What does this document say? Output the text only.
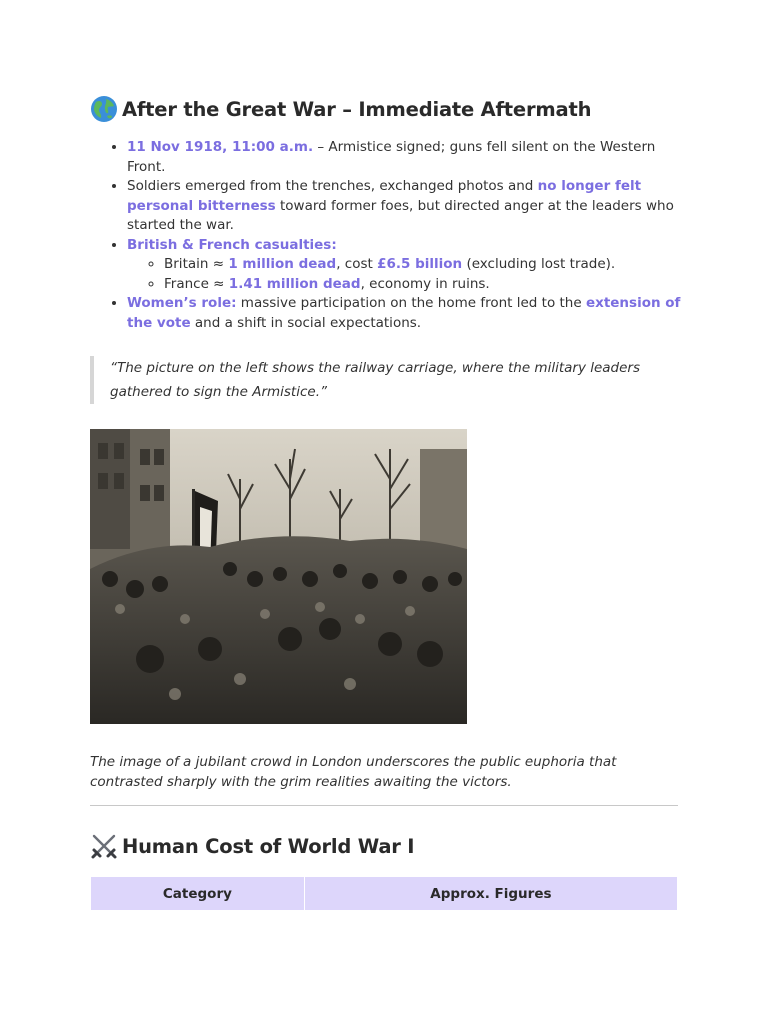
After the Great War – Immediate Aftermath
• 11 Nov 1918, 11:00 a.m. – Armistice signed; guns fell silent on the Western Front.
• Soldiers emerged from the trenches, exchanged photos and no longer felt personal bitterness toward former foes, but directed anger at the leaders who started the war.
• British & French casualties:
◦ Britain ≈ 1 million dead, cost £6.5 billion (excluding lost trade).
◦ France ≈ 1.41 million dead, economy in ruins.
• Women’s role: massive participation on the home front led to the extension of the vote and a shift in social expectations.
“The picture on the left shows the railway carriage, where the military leaders gathered to sign the Armistice.”

The image of a jubilant crowd in London underscores the public euphoria that contrasted sharply with the grim realities awaiting the victors.

Human Cost of World War I
Category	Approx. Figures
